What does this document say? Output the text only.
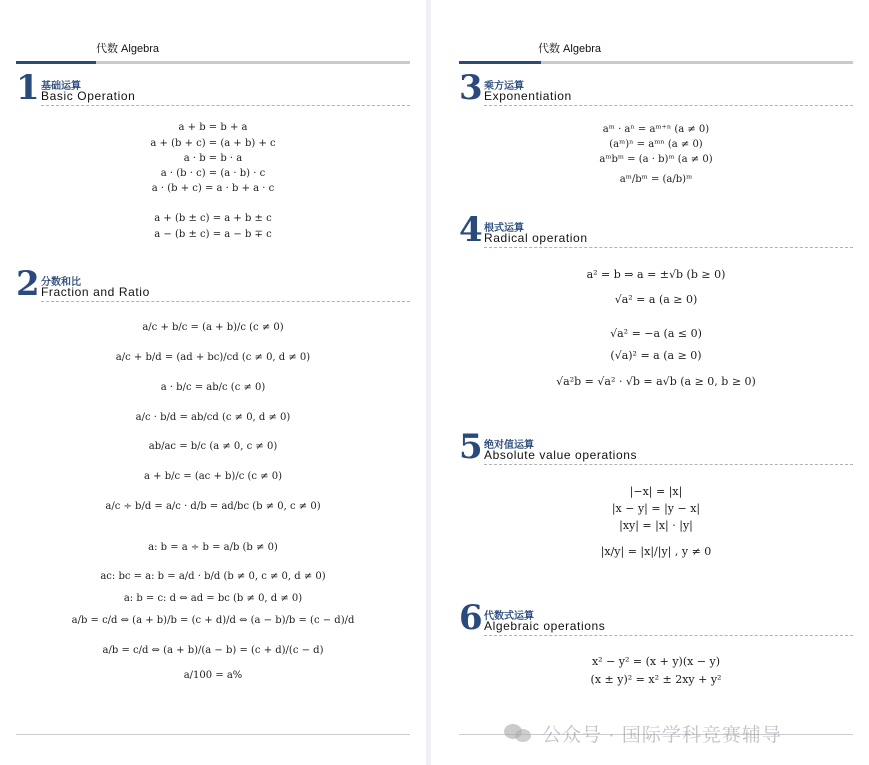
代数 Algebra
1 基础运算
Basic Operation
a + b = b + a
a + (b + c) = (a + b) + c
a · b = b · a
a · (b · c) = (a · b) · c
a · (b + c) = a · b + a · c
a + (b ± c) = a + b ± c
a − (b ± c) = a − b ∓ c
2 分数和比
Fraction and Ratio
a/c + b/c = (a + b)/c (c ≠ 0)
a/c + b/d = (ad + bc)/cd (c ≠ 0, d ≠ 0)
a · b/c = ab/c (c ≠ 0)
a/c · b/d = ab/cd (c ≠ 0, d ≠ 0)
ab/ac = b/c (a ≠ 0, c ≠ 0)
a + b/c = (ac + b)/c (c ≠ 0)
a/c ÷ b/d = a/c · d/b = ad/bc (b ≠ 0, c ≠ 0)
a: b = a ÷ b = a/b (b ≠ 0)
ac: bc = a: b = a/d · b/d (b ≠ 0, c ≠ 0, d ≠ 0)
a: b = c: d ⇔ ad = bc (b ≠ 0, d ≠ 0)
a/b = c/d ⇔ (a + b)/b = (c + d)/d ⇔ (a − b)/b = (c − d)/d
a/b = c/d ⇔ (a + b)/(a − b) = (c + d)/(c − d)
a/100 = a%
代数 Algebra
3 乘方运算
Exponentiation
aᵐ · aⁿ = aᵐ⁺ⁿ (a ≠ 0)
(aᵐ)ⁿ = aᵐⁿ (a ≠ 0)
aᵐbᵐ = (a · b)ᵐ (a ≠ 0)
aᵐ/bᵐ = (a/b)ᵐ
4 根式运算
Radical operation
a² = b ⇒ a = ±√b (b ≥ 0)
√a² = a (a ≥ 0)
√a² = −a (a ≤ 0)
(√a)² = a (a ≥ 0)
√a²b = √a² · √b = a√b (a ≥ 0, b ≥ 0)
5 绝对值运算
Absolute value operations
|−x| = |x|
|x − y| = |y − x|
|xy| = |x| · |y|
|x/y| = |x|/|y| , y ≠ 0
6 代数式运算
Algebraic operations
x² − y² = (x + y)(x − y)
(x ± y)² = x² ± 2xy + y²
公众号 · 国际学科竞赛辅导
